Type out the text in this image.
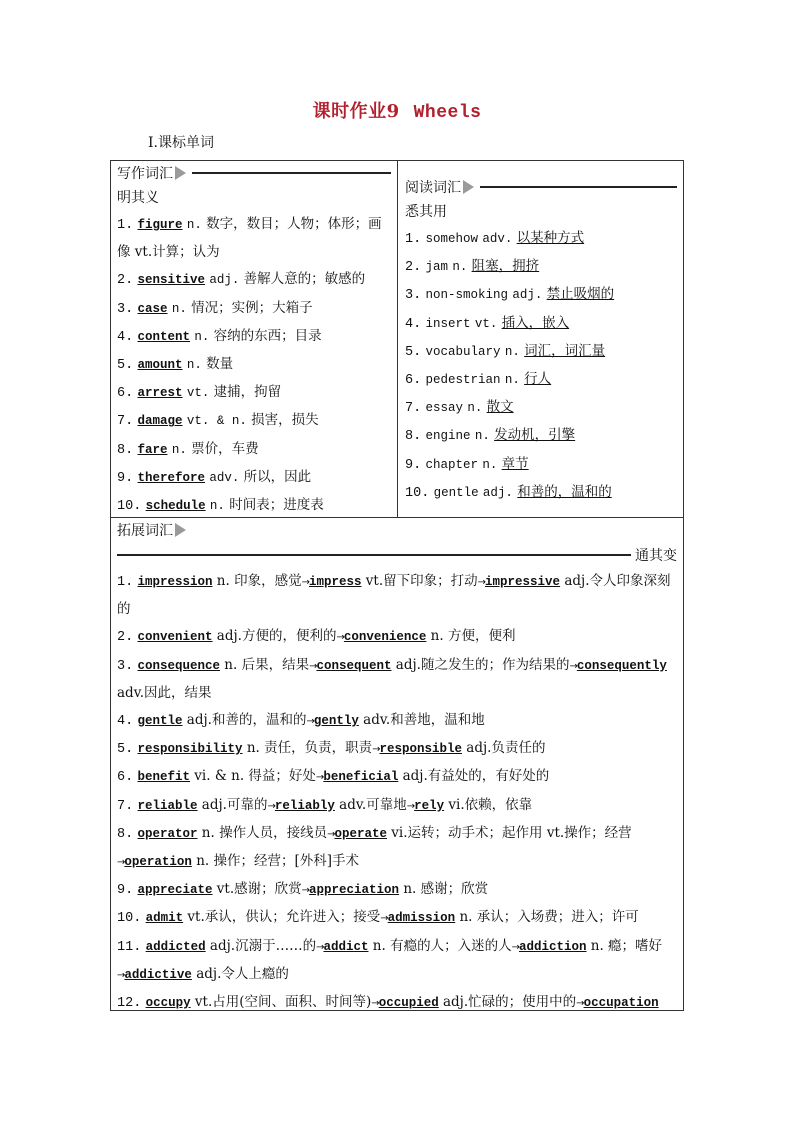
课时作业9 Wheels
Ⅰ.课标单词
写作词汇
明其义
1. figure n. 数字，数目；人物；体形；画像 vt.计算；认为
2. sensitive adj. 善解人意的；敏感的
3. case n. 情况；实例；大箱子
4. content n. 容纳的东西；目录
5. amount n. 数量
6. arrest vt. 逮捕，拘留
7. damage vt. & n. 损害，损失
8. fare n. 票价，车费
9. therefore adv. 所以，因此
10. schedule n. 时间表；进度表
阅读词汇
悉其用
1. somehow adv. 以某种方式
2. jam n. 阻塞，拥挤
3. non-smoking adj. 禁止吸烟的
4. insert vt. 插入，嵌入
5. vocabulary n. 词汇，词汇量
6. pedestrian n. 行人
7. essay n. 散文
8. engine n. 发动机，引擎
9. chapter n. 章节
10. gentle adj. 和善的，温和的
拓展词汇
通其变
1. impression n. 印象，感觉→impress vt.留下印象；打动→impressive adj.令人印象深刻的
2. convenient adj.方便的，便利的→convenience n. 方便，便利
3. consequence n. 后果，结果→consequent adj.随之发生的；作为结果的→consequently adv.因此，结果
4. gentle adj.和善的，温和的→gently adv.和善地，温和地
5. responsibility n. 责任，负责，职责→responsible adj.负责任的
6. benefit vi. & n. 得益；好处→beneficial adj.有益处的，有好处的
7. reliable adj.可靠的→reliably adv.可靠地→rely vi.依赖，依靠
8. operator n. 操作人员，接线员→operate vi.运转；动手术；起作用 vt.操作；经营→operation n. 操作；经营；[外科]手术
9. appreciate vt.感谢；欣赏→appreciation n. 感谢；欣赏
10. admit vt.承认，供认；允许进入；接受→admission n. 承认；入场费；进入；许可
11. addicted adj.沉溺于……的→addict n. 有瘾的人；入迷的人→addiction n. 瘾；嗜好→addictive adj.令人上瘾的
12. occupy vt.占用(空间、面积、时间等)→occupied adj.忙碌的；使用中的→occupation
